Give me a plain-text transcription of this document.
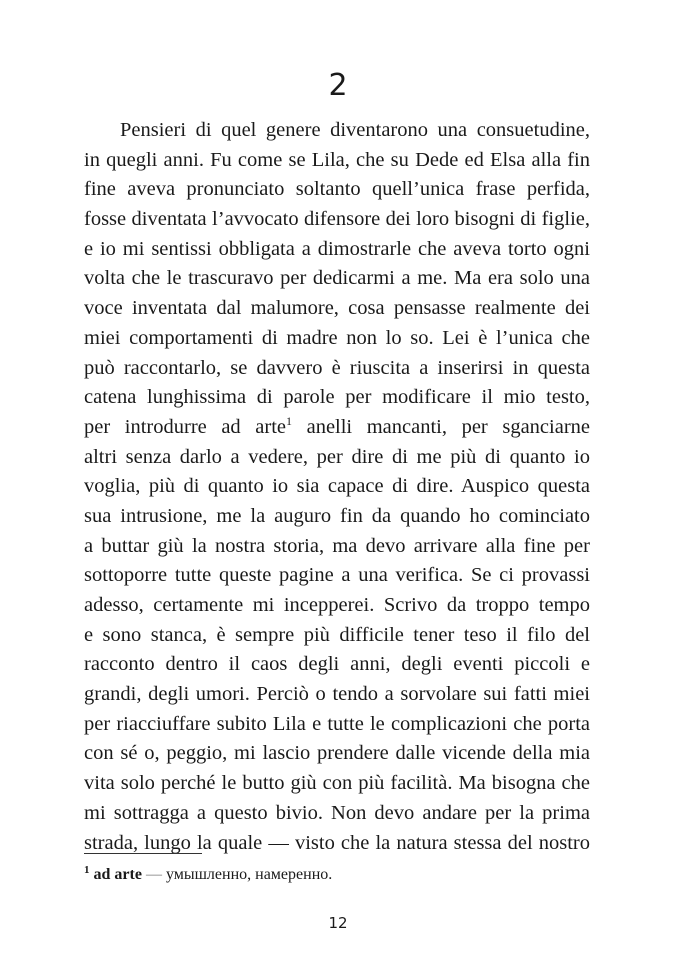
2
Pensieri di quel genere diventarono una consuetudine,
in quegli anni. Fu come se Lila, che su Dede ed Elsa alla fin
fine aveva pronunciato soltanto quell’unica frase perfida,
fosse diventata l’avvocato difensore dei loro bisogni di figlie,
e io mi sentissi obbligata a dimostrarle che aveva torto ogni
volta che le trascuravo per dedicarmi a me. Ma era solo una
voce inventata dal malumore, cosa pensasse realmente dei
miei comportamenti di madre non lo so. Lei è l’unica che
può raccontarlo, se davvero è riuscita a inserirsi in questa
catena lunghissima di parole per modificare il mio testo,
per introdurre ad arte$^1$ anelli mancanti, per sganciarne
altri senza darlo a vedere, per dire di me più di quanto io
voglia, più di quanto io sia capace di dire. Auspico questa
sua intrusione, me la auguro fin da quando ho cominciato
a buttar giù la nostra storia, ma devo arrivare alla fine per
sottoporre tutte queste pagine a una verifica. Se ci provassi
adesso, certamente mi incepperei. Scrivo da troppo tempo
e sono stanca, è sempre più difficile tener teso il filo del
racconto dentro il caos degli anni, degli eventi piccoli e
grandi, degli umori. Perciò o tendo a sorvolare sui fatti miei
per riacciuffare subito Lila e tutte le complicazioni che porta
con sé o, peggio, mi lascio prendere dalle vicende della mia
vita solo perché le butto giù con più facilità. Ma bisogna che
mi sottragga a questo bivio. Non devo andare per la prima
strada, lungo la quale — visto che la natura stessa del nostro
$^1$ ad arte — умышленно, намеренно.
12
